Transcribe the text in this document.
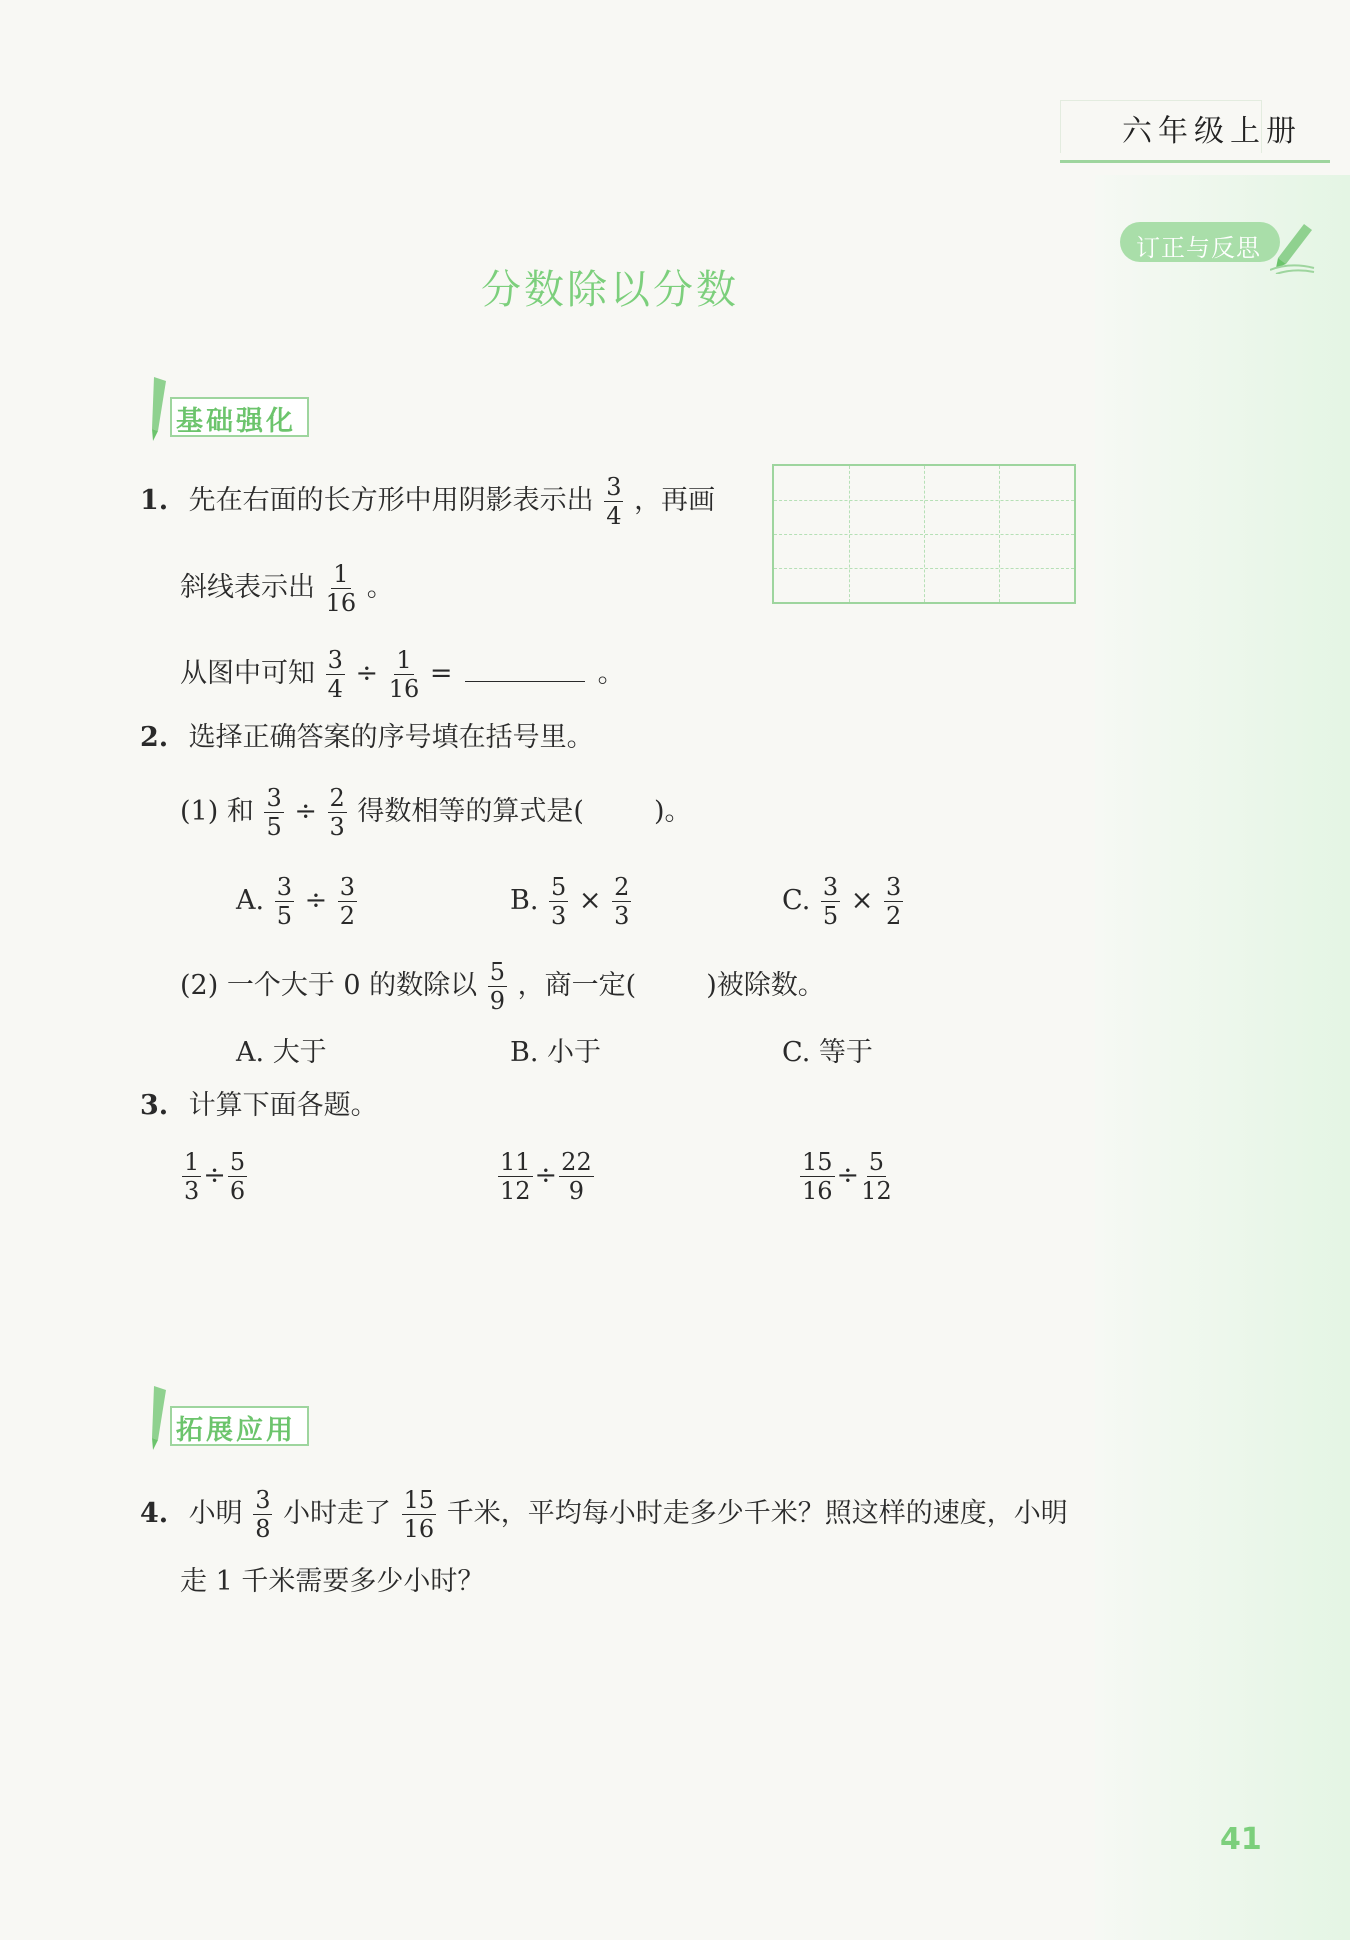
六年级上册
订正与反思
分数除以分数
基础强化
1. 先在右面的长方形中用阴影表示出 $\frac{3}{4}$ ，再画
斜线表示出 $\frac{1}{16}$ 。
从图中可知 $\frac{3}{4} \div \frac{1}{16}$ =	。
2. 选择正确答案的序号填在括号里。
(1) 和 $\frac{3}{5} \div \frac{2}{3}$ 得数相等的算式是(	)。
A. $\frac{3}{5} \div \frac{3}{2}$	B. $\frac{5}{3} \times \frac{2}{3}$	C. $\frac{3}{5} \times \frac{3}{2}$
(2) 一个大于 0 的数除以 $\frac{5}{9}$ ，商一定(	)被除数。
A. 大于	B. 小于	C. 等于
3. 计算下面各题。
$\frac{1}{3} \div \frac{5}{6}$	$\frac{11}{12} \div \frac{22}{9}$	$\frac{15}{16} \div \frac{5}{12}$
拓展应用
4. 小明 $\frac{3}{8}$ 小时走了 $\frac{15}{16}$ 千米，平均每小时走多少千米？照这样的速度，小明
走 1 千米需要多少小时？
41
